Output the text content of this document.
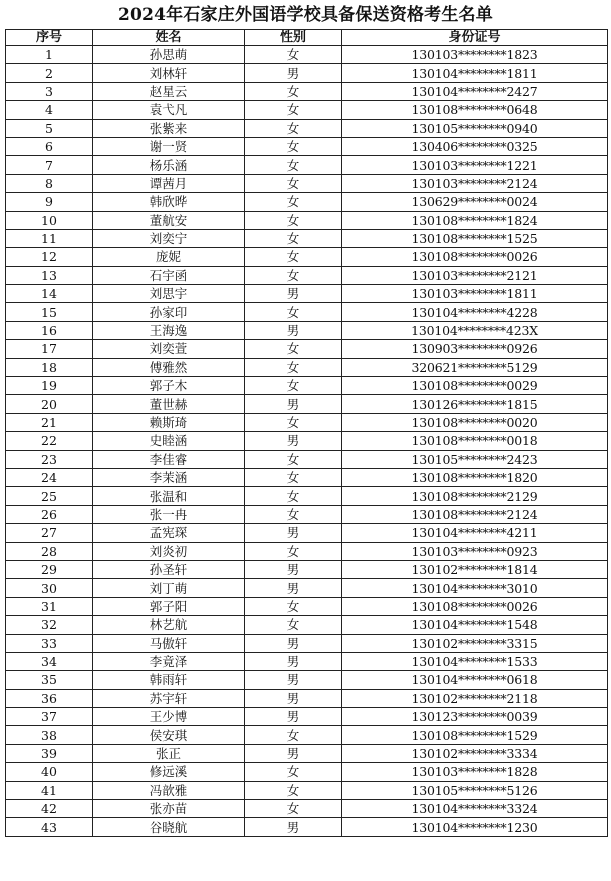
2024年石家庄外国语学校具备保送资格考生名单
序号	姓名	性别	身份证号
1	孙思萌	女	130103********1823
2	刘林轩	男	130104********1811
3	赵星云	女	130104********2427
4	袁弋凡	女	130108********0648
5	张紫来	女	130105********0940
6	谢一贤	女	130406********0325
7	杨乐涵	女	130103********1221
8	谭茜月	女	130103********2124
9	韩欣晔	女	130629********0024
10	董航安	女	130108********1824
11	刘奕宁	女	130108********1525
12	庞妮	女	130108********0026
13	石宇函	女	130103********2121
14	刘思宇	男	130103********1811
15	孙家印	女	130104********4228
16	王海逸	男	130104********423X
17	刘奕萱	女	130903********0926
18	傅雅然	女	320621********5129
19	郭子木	女	130108********0029
20	董世赫	男	130126********1815
21	赖斯琦	女	130108********0020
22	史睦涵	男	130108********0018
23	李佳睿	女	130105********2423
24	李茉涵	女	130108********1820
25	张温和	女	130108********2129
26	张一冉	女	130108********2124
27	孟宪琛	男	130104********4211
28	刘炎初	女	130103********0923
29	孙圣轩	男	130102********1814
30	刘丁萌	男	130104********3010
31	郭子阳	女	130108********0026
32	林艺航	女	130104********1548
33	马傲轩	男	130102********3315
34	李竟泽	男	130104********1533
35	韩雨轩	男	130104********0618
36	苏宇轩	男	130102********2118
37	王少博	男	130123********0039
38	侯安琪	女	130108********1529
39	张正	男	130102********3334
40	修远溪	女	130103********1828
41	冯歆雅	女	130105********5126
42	张亦苗	女	130104********3324
43	谷晓航	男	130104********1230
